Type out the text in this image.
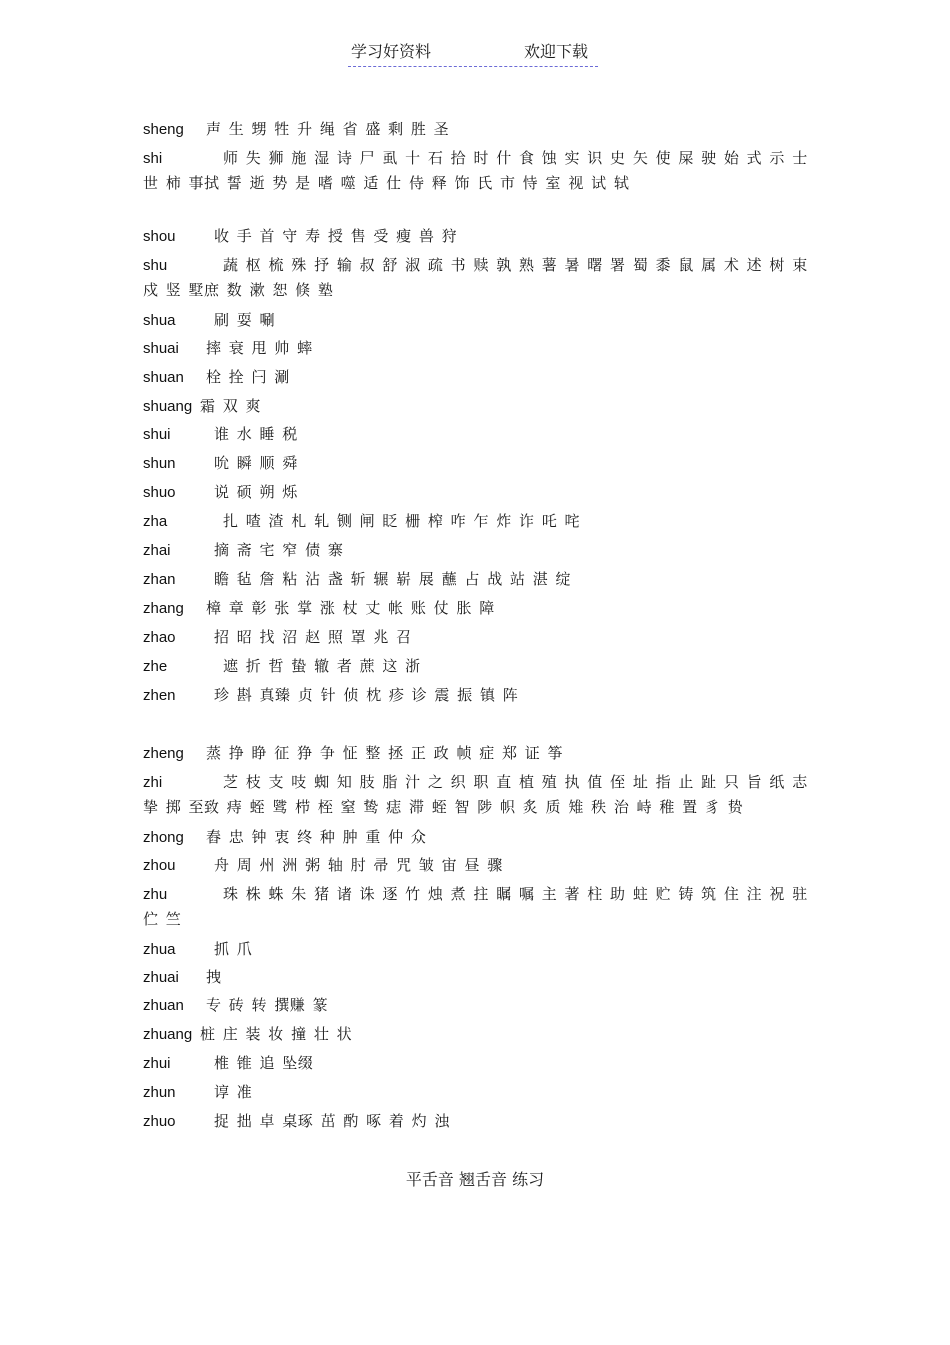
学习好资料	欢迎下载
sheng	声 生 甥 牲 升 绳 省 盛 剩 胜 圣
shi	师 失 狮 施 湿 诗 尸 虱 十 石 拾 时 什 食 蚀 实 识 史 矢 使 屎 驶 始 式 示 士 世 柿 事拭 誓 逝 势 是 嗜 噬 适 仕 侍 释 饰 氏 市 恃 室 视 试 轼
shou	收 手 首 守 寿 授 售 受 瘦 兽 狩
shu	蔬 枢 梳 殊 抒 输 叔 舒 淑 疏 书 赎 孰 熟 薯 暑 曙 署 蜀 黍 鼠 属 术 述 树 束 戍 竖 墅庶 数 漱 恕 倏 塾
shua	刷 耍 唰
shuai	摔 衰 甩 帅 蟀
shuan	栓 拴 闩 涮
shuang 霜 双 爽
shui	谁 水 睡 税
shun	吮 瞬 顺 舜
shuo	说 硕 朔 烁
zha	扎 喳 渣 札 轧 铡 闸 眨 栅 榨 咋 乍 炸 诈 吒 咤
zhai	摘 斋 宅 窄 债 寨
zhan	瞻 毡 詹 粘 沾 盏 斩 辗 崭 展 蘸 占 战 站 湛 绽
zhang	樟 章 彰 张 掌 涨 杖 丈 帐 账 仗 胀 障
zhao	招 昭 找 沼 赵 照 罩 兆 召
zhe	遮 折 哲 蛰 辙 者 蔗 这 浙
zhen	珍 斟 真臻 贞 针 侦 枕 疹 诊 震 振 镇 阵
zheng	蒸 挣 睁 征 狰 争 怔 整 拯 正 政 帧 症 郑 证 筝
zhi	芝 枝 支 吱 蜘 知 肢 脂 汁 之 织 职 直 植 殖 执 值 侄 址 指 止 趾 只 旨 纸 志 挚 掷 至致 痔 蛭 骘 栉 桎 窒 鸷 痣 滞 蛭 智 陟 帜 炙 质 雉 秩 治 峙 稚 置 豸 贽
zhong	舂 忠 钟 衷 终 种 肿 重 仲 众
zhou	舟 周 州 洲 粥 轴 肘 帚 咒 皱 宙 昼 骤
zhu	珠 株 蛛 朱 猪 诸 诛 逐 竹 烛 煮 拄 瞩 嘱 主 著 柱 助 蛀 贮 铸 筑 住 注 祝 驻 伫 竺
zhua	抓 爪
zhuai	拽
zhuan	专 砖 转 撰赚 篆
zhuang 桩 庄 装 妆 撞 壮 状
zhui	椎 锥 追 坠缀
zhun	谆 准
zhuo	捉 拙 卓 桌琢 茁 酌 啄 着 灼 浊
平舌音 翘舌音 练习
